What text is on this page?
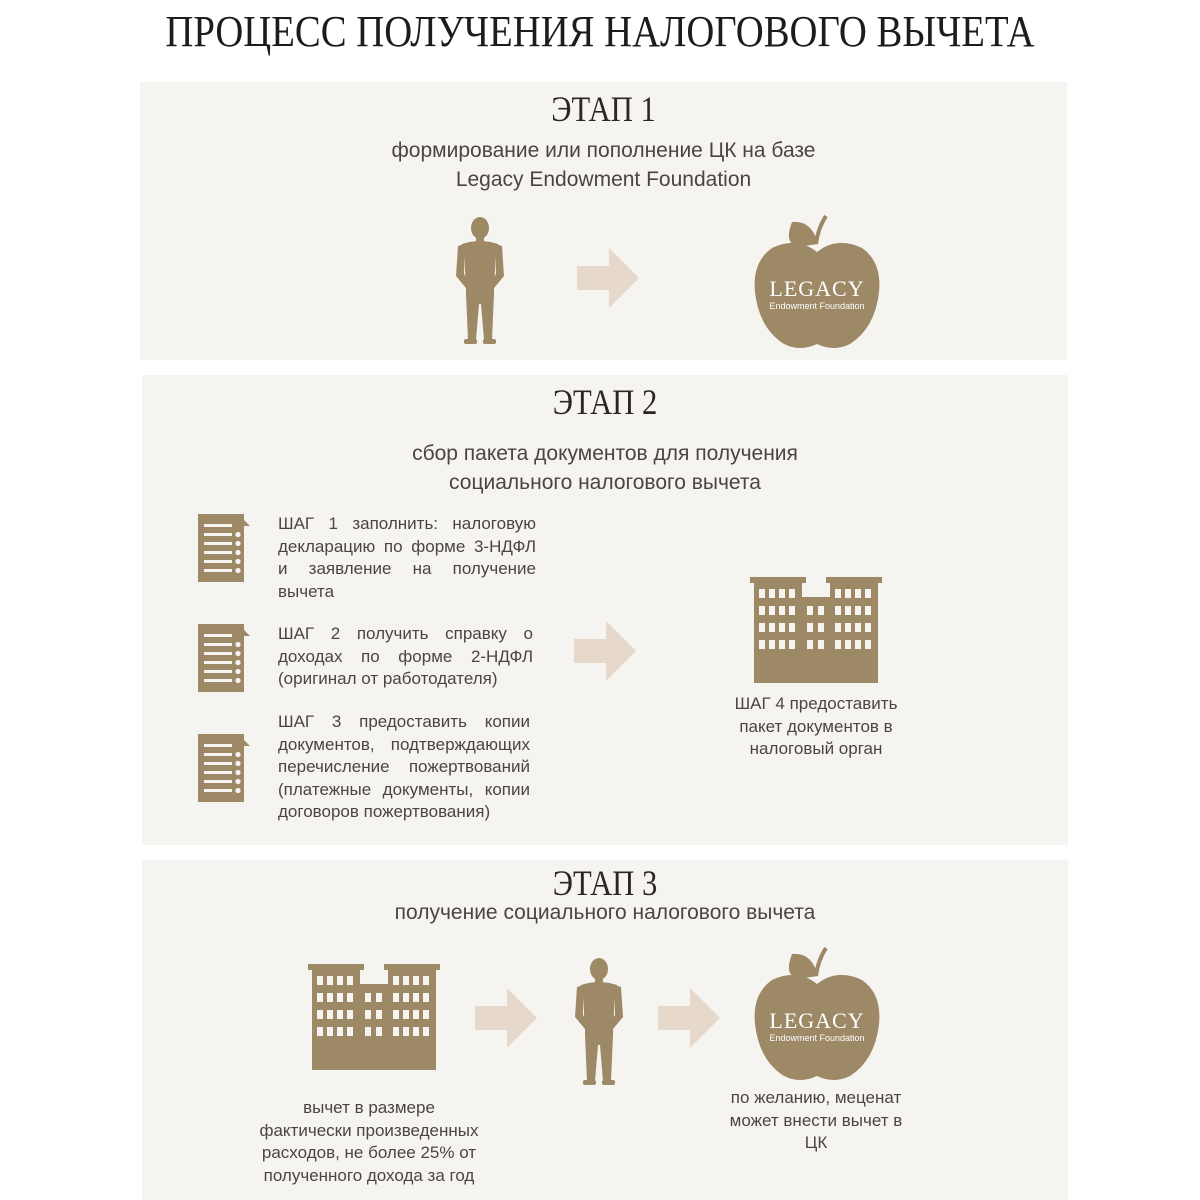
ПРОЦЕСС ПОЛУЧЕНИЯ НАЛОГОВОГО ВЫЧЕТА
ЭТАП 1
формирование или пополнение ЦК на базе
Legacy Endowment Foundation
LEGACY
Endowment Foundation
ЭТАП 2
сбор пакета документов для получения
социального налогового вычета
ШАГ 1 заполнить: налоговую
декларацию по форме 3-НДФЛ
и заявление на получение
вычета
ШАГ 2 получить справку о
доходах по форме 2-НДФЛ
(оригинал от работодателя)
ШАГ 3 предоставить копии
документов, подтверждающих
перечисление пожертвований
(платежные документы, копии
договоров пожертвования)
ШАГ 4 предоставить
пакет документов в
налоговый орган
ЭТАП 3
получение социального налогового вычета
LEGACY
Endowment Foundation
вычет в размере
фактически произведенных
расходов, не более 25% от
полученного дохода за год
по желанию, меценат
может внести вычет в
ЦК
